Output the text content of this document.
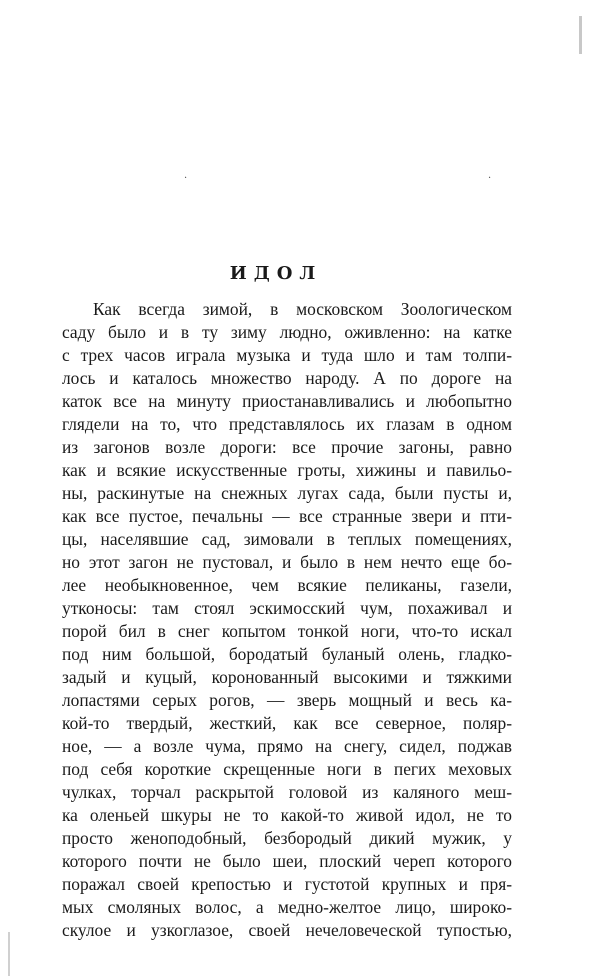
·	·
ИДОЛ
Как всегда зимой, в московском Зоологическом
саду было и в ту зиму людно, оживленно: на катке
с трех часов играла музыка и туда шло и там толпи-
лось и каталось множество народу. А по дороге на
каток все на минуту приостанавливались и любопытно
глядели на то, что представлялось их глазам в одном
из загонов возле дороги: все прочие загоны, равно
как и всякие искусственные гроты, хижины и павильо-
ны, раскинутые на снежных лугах сада, были пусты и,
как все пустое, печальны — все странные звери и пти-
цы, населявшие сад, зимовали в теплых помещениях,
но этот загон не пустовал, и было в нем нечто еще бо-
лее необыкновенное, чем всякие пеликаны, газели,
утконосы: там стоял эскимосский чум, похаживал и
порой бил в снег копытом тонкой ноги, что-то искал
под ним большой, бородатый буланый олень, гладко-
задый и куцый, коронованный высокими и тяжкими
лопастями серых рогов, — зверь мощный и весь ка-
кой-то твердый, жесткий, как все северное, поляр-
ное, — а возле чума, прямо на снегу, сидел, поджав
под себя короткие скрещенные ноги в пегих меховых
чулках, торчал раскрытой головой из каляного меш-
ка оленьей шкуры не то какой-то живой идол, не то
просто женоподобный, безбородый дикий мужик, у
которого почти не было шеи, плоский череп которого
поражал своей крепостью и густотой крупных и пря-
мых смоляных волос, а медно-желтое лицо, широко-
скулое и узкоглазое, своей нечеловеческой тупостью,
